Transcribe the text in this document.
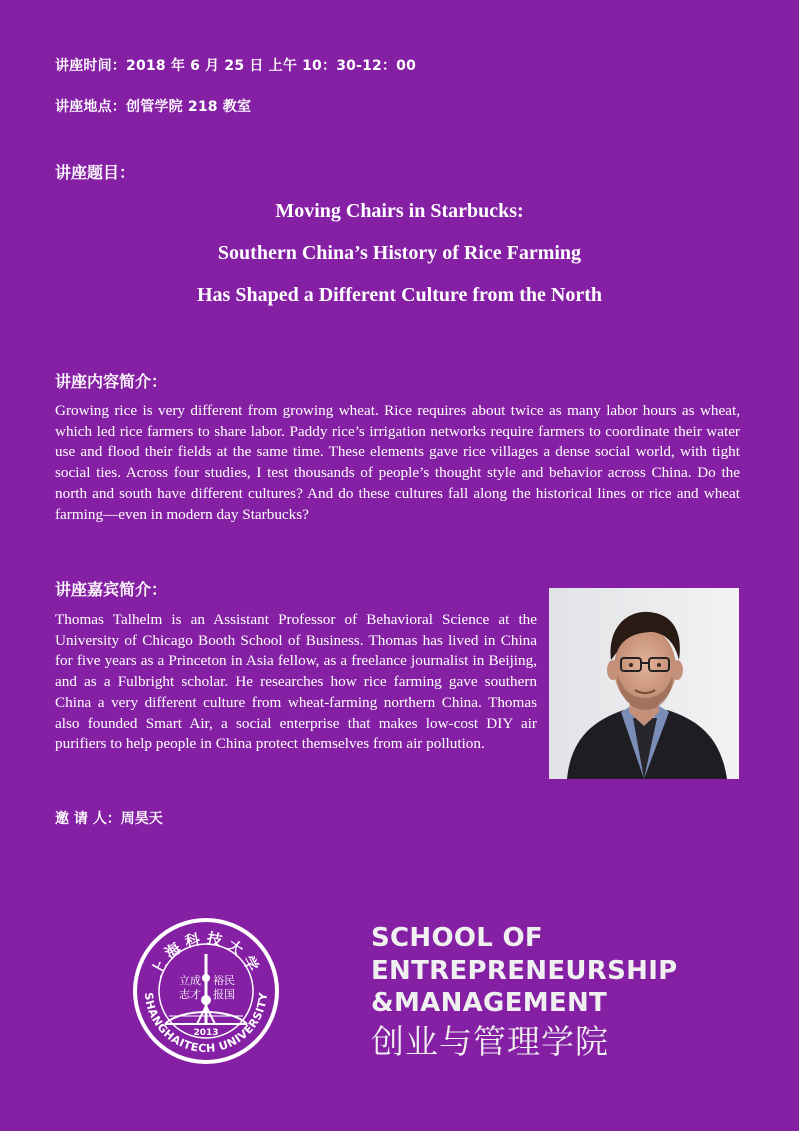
讲座时间：2018 年 6 月 25 日 上午 10：30-12：00
讲座地点：创管学院 218 教室
讲座题目：
Moving Chairs in Starbucks:
Southern China’s History of Rice Farming
Has Shaped a Different Culture from the North
讲座内容简介：
Growing rice is very different from growing wheat. Rice requires about twice as many labor hours as wheat, which led rice farmers to share labor. Paddy rice’s irrigation networks require farmers to coordinate their water use and flood their fields at the same time. These elements gave rice villages a dense social world, with tight social ties. Across four studies, I test thousands of people’s thought style and behavior across China. Do the north and south have different cultures? And do these cultures fall along the historical lines or rice and wheat farming—even in modern day Starbucks?
讲座嘉宾简介：
Thomas Talhelm is an Assistant Professor of Behavioral Science at the University of Chicago Booth School of Business. Thomas has lived in China for five years as a Princeton in Asia fellow, as a freelance journalist in Beijing, and as a Fulbright scholar. He researches how rice farming gave southern China a very different culture from wheat-farming northern China. Thomas also founded Smart Air, a social enterprise that makes low-cost DIY air purifiers to help people in China protect themselves from air pollution.
邀 请 人：周昊天
上海科技大学
SHANGHAITECH UNIVERSITY
立成
志才
裕民
报国
2013
SCHOOL OF
ENTREPRENEURSHIP
&MANAGEMENT
创业与管理学院
